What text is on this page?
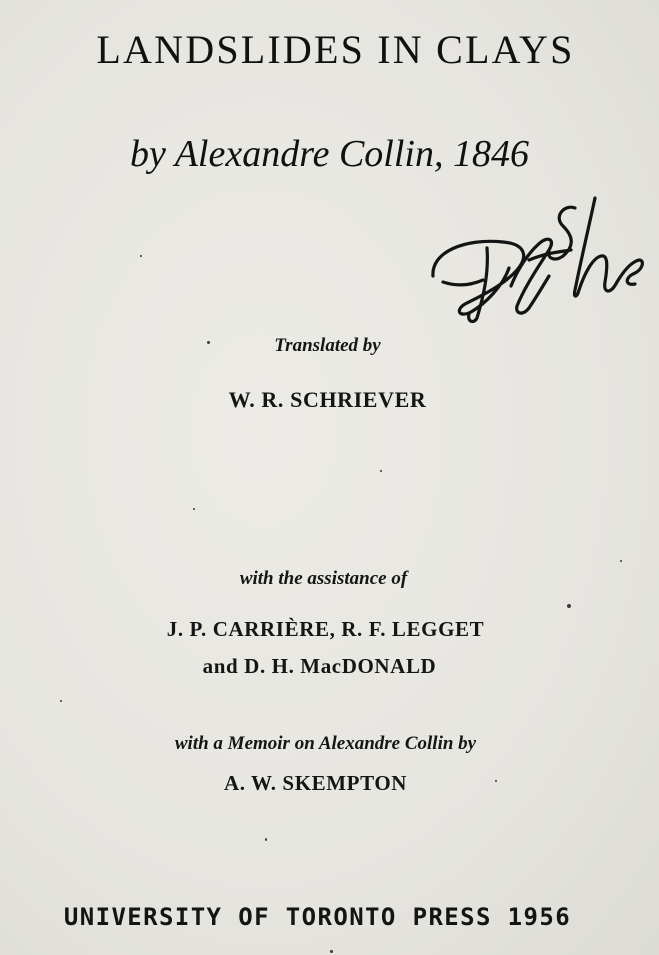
LANDSLIDES IN CLAYS
by Alexandre Collin, 1846
Translated by
W. R. SCHRIEVER
with the assistance of
J. P. CARRIÈRE, R. F. LEGGET
and D. H. MacDONALD
with a Memoir on Alexandre Collin by
A. W. SKEMPTON
UNIVERSITY OF TORONTO PRESS 1956
